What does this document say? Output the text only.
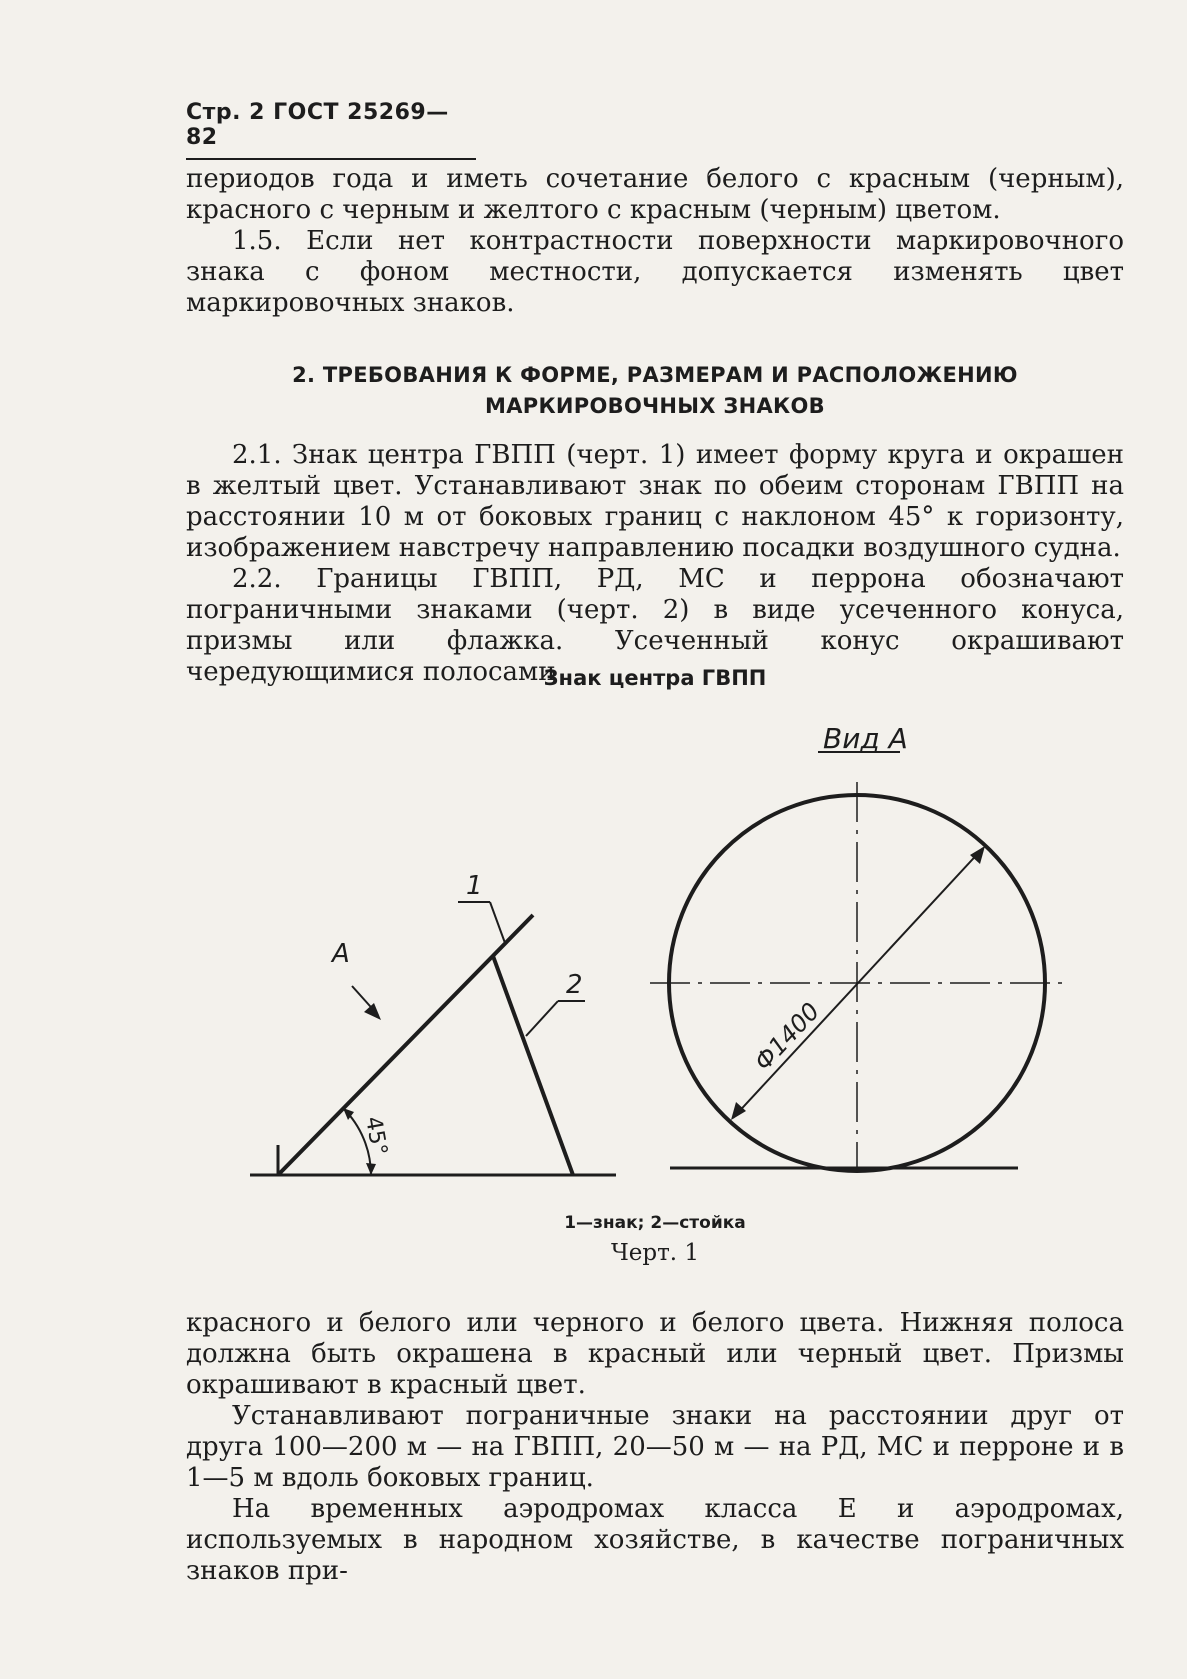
Стр. 2 ГОСТ 25269—82

периодов года и иметь сочетание белого с красным (черным), красного с черным и желтого с красным (черным) цветом.

1.5. Если нет контрастности поверхности маркировочного знака с фоном местности, допускается изменять цвет маркировочных знаков.

2. ТРЕБОВАНИЯ К ФОРМЕ, РАЗМЕРАМ И РАСПОЛОЖЕНИЮ
МАРКИРОВОЧНЫХ ЗНАКОВ

2.1. Знак центра ГВПП (черт. 1) имеет форму круга и окрашен в желтый цвет. Устанавливают знак по обеим сторонам ГВПП на расстоянии 10 м от боковых границ с наклоном 45° к горизонту, изображением навстречу направлению посадки воздушного судна.

2.2. Границы ГВПП, РД, МС и перрона обозначают пограничными знаками (черт. 2) в виде усеченного конуса, призмы или флажка. Усеченный конус окрашивают чередующимися полосами

Знак центра ГВПП
45°
1
2
А
Вид А
Ф1400
1—знак; 2—стойка
Черт. 1

красного и белого или черного и белого цвета. Нижняя полоса должна быть окрашена в красный или черный цвет. Призмы окрашивают в красный цвет.

Устанавливают пограничные знаки на расстоянии друг от друга 100—200 м — на ГВПП, 20—50 м — на РД, МС и перроне и в 1—5 м вдоль боковых границ.

На временных аэродромах класса Е и аэродромах, используемых в народном хозяйстве, в качестве пограничных знаков при-
